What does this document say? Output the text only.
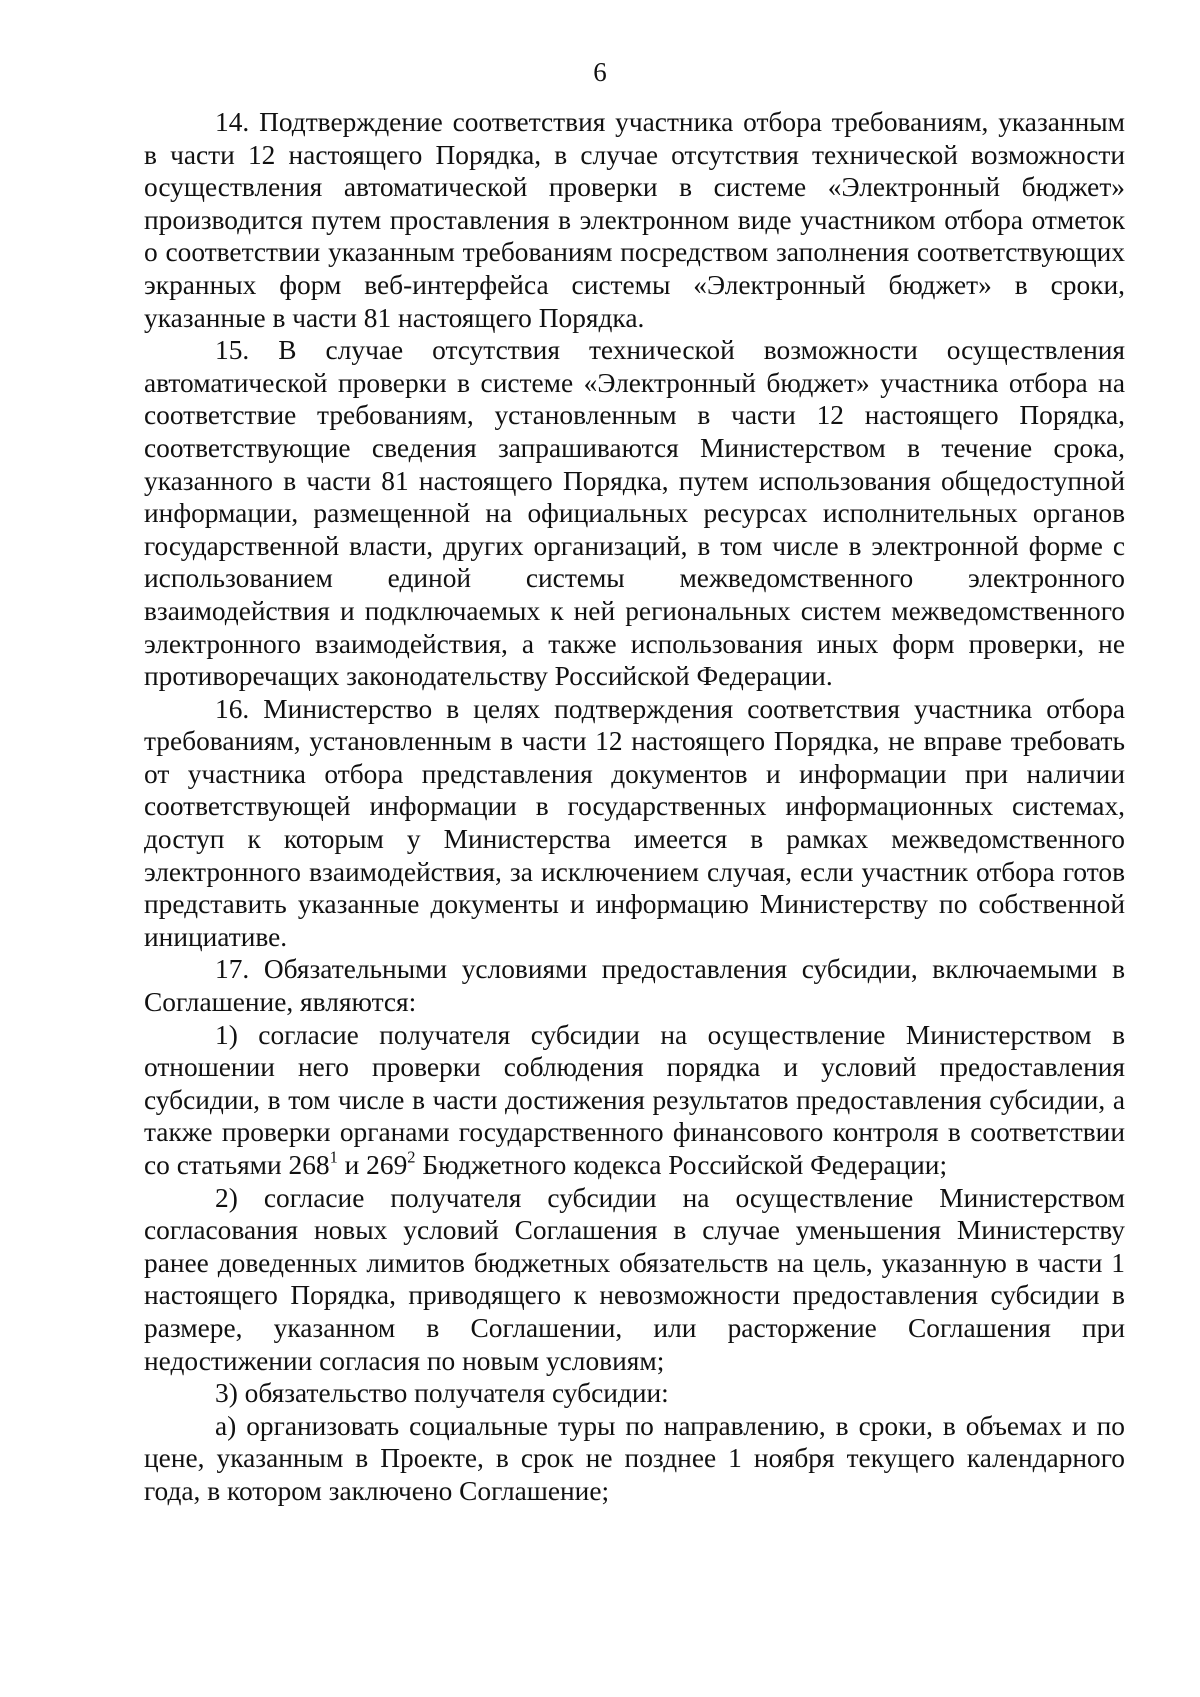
6

14. Подтверждение соответствия участника отбора требованиям, указанным в части 12 настоящего Порядка, в случае отсутствия технической возможности осуществления автоматической проверки в системе «Электронный бюджет» производится путем проставления в электронном виде участником отбора отметок о соответствии указанным требованиям посредством заполнения соответствующих экранных форм веб-интерфейса системы «Электронный бюджет» в сроки, указанные в части 81 настоящего Порядка.

15. В случае отсутствия технической возможности осуществления автоматической проверки в системе «Электронный бюджет» участника отбора на соответствие требованиям, установленным в части 12 настоящего Порядка, соответствующие сведения запрашиваются Министерством в течение срока, указанного в части 81 настоящего Порядка, путем использования общедоступной информации, размещенной на официальных ресурсах исполнительных органов государственной власти, других организаций, в том числе в электронной форме с использованием единой системы межведомственного электронного взаимодействия и подключаемых к ней региональных систем межведомственного электронного взаимодействия, а также использования иных форм проверки, не противоречащих законодательству Российской Федерации.

16. Министерство в целях подтверждения соответствия участника отбора требованиям, установленным в части 12 настоящего Порядка, не вправе требовать от участника отбора представления документов и информации при наличии соответствующей информации в государственных информационных системах, доступ к которым у Министерства имеется в рамках межведомственного электронного взаимодействия, за исключением случая, если участник отбора готов представить указанные документы и информацию Министерству по собственной инициативе.

17. Обязательными условиями предоставления субсидии, включаемыми в Соглашение, являются:

1) согласие получателя субсидии на осуществление Министерством в отношении него проверки соблюдения порядка и условий предоставления субсидии, в том числе в части достижения результатов предоставления субсидии, а также проверки органами государственного финансового контроля в соответствии со статьями $268^1$ и $269^2$ Бюджетного кодекса Российской Федерации;

2) согласие получателя субсидии на осуществление Министерством согласования новых условий Соглашения в случае уменьшения Министерству ранее доведенных лимитов бюджетных обязательств на цель, указанную в части 1 настоящего Порядка, приводящего к невозможности предоставления субсидии в размере, указанном в Соглашении, или расторжение Соглашения при недостижении согласия по новым условиям;

3) обязательство получателя субсидии:

а) организовать социальные туры по направлению, в сроки, в объемах и по цене, указанным в Проекте, в срок не позднее 1 ноября текущего календарного года, в котором заключено Соглашение;
